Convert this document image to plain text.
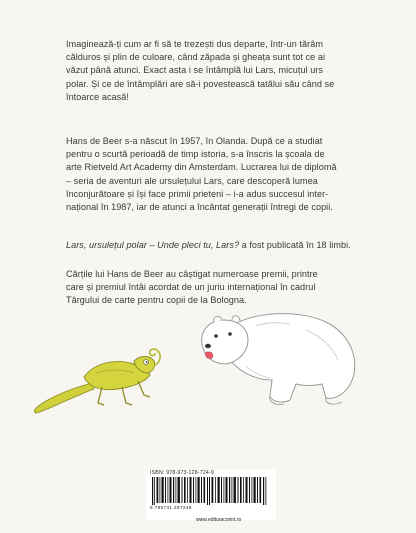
Imaginează-ți cum ar fi să te trezești dus departe, într-un tărâm

călduros și plin de culoare, când zăpada și gheața sunt tot ce ai

văzut până atunci. Exact asta i se întâmplă lui Lars, micuțul urs

polar. Și ce de întâmplări are să-i povestească tatălui său când se

întoarce acasă!

Hans de Beer s-a născut în 1957, în Olanda. După ce a studiat

pentru o scurtă perioadă de timp istoria, s-a înscris la școala de

arte Rietveld Art Academy din Amsterdam. Lucrarea lui de diplomă

– seria de aventuri ale ursulețului Lars, care descoperă lumea

înconjurătoare și își face primii prieteni – i-a adus succesul inter-

național în 1987, iar de atunci a încântat generații întregi de copii.

Lars, ursulețul polar – Unde pleci tu, Lars? a fost publicată în 18 limbi.

Cărțile lui Hans de Beer au câștigat numeroase premii, printre

care și premiul întâi acordat de un juriu internațional în cadrul

Târgului de carte pentru copii de la Bologna.

ISBN: 978-973-128-724-9
9 789731 287249
www.edituracorint.ro
